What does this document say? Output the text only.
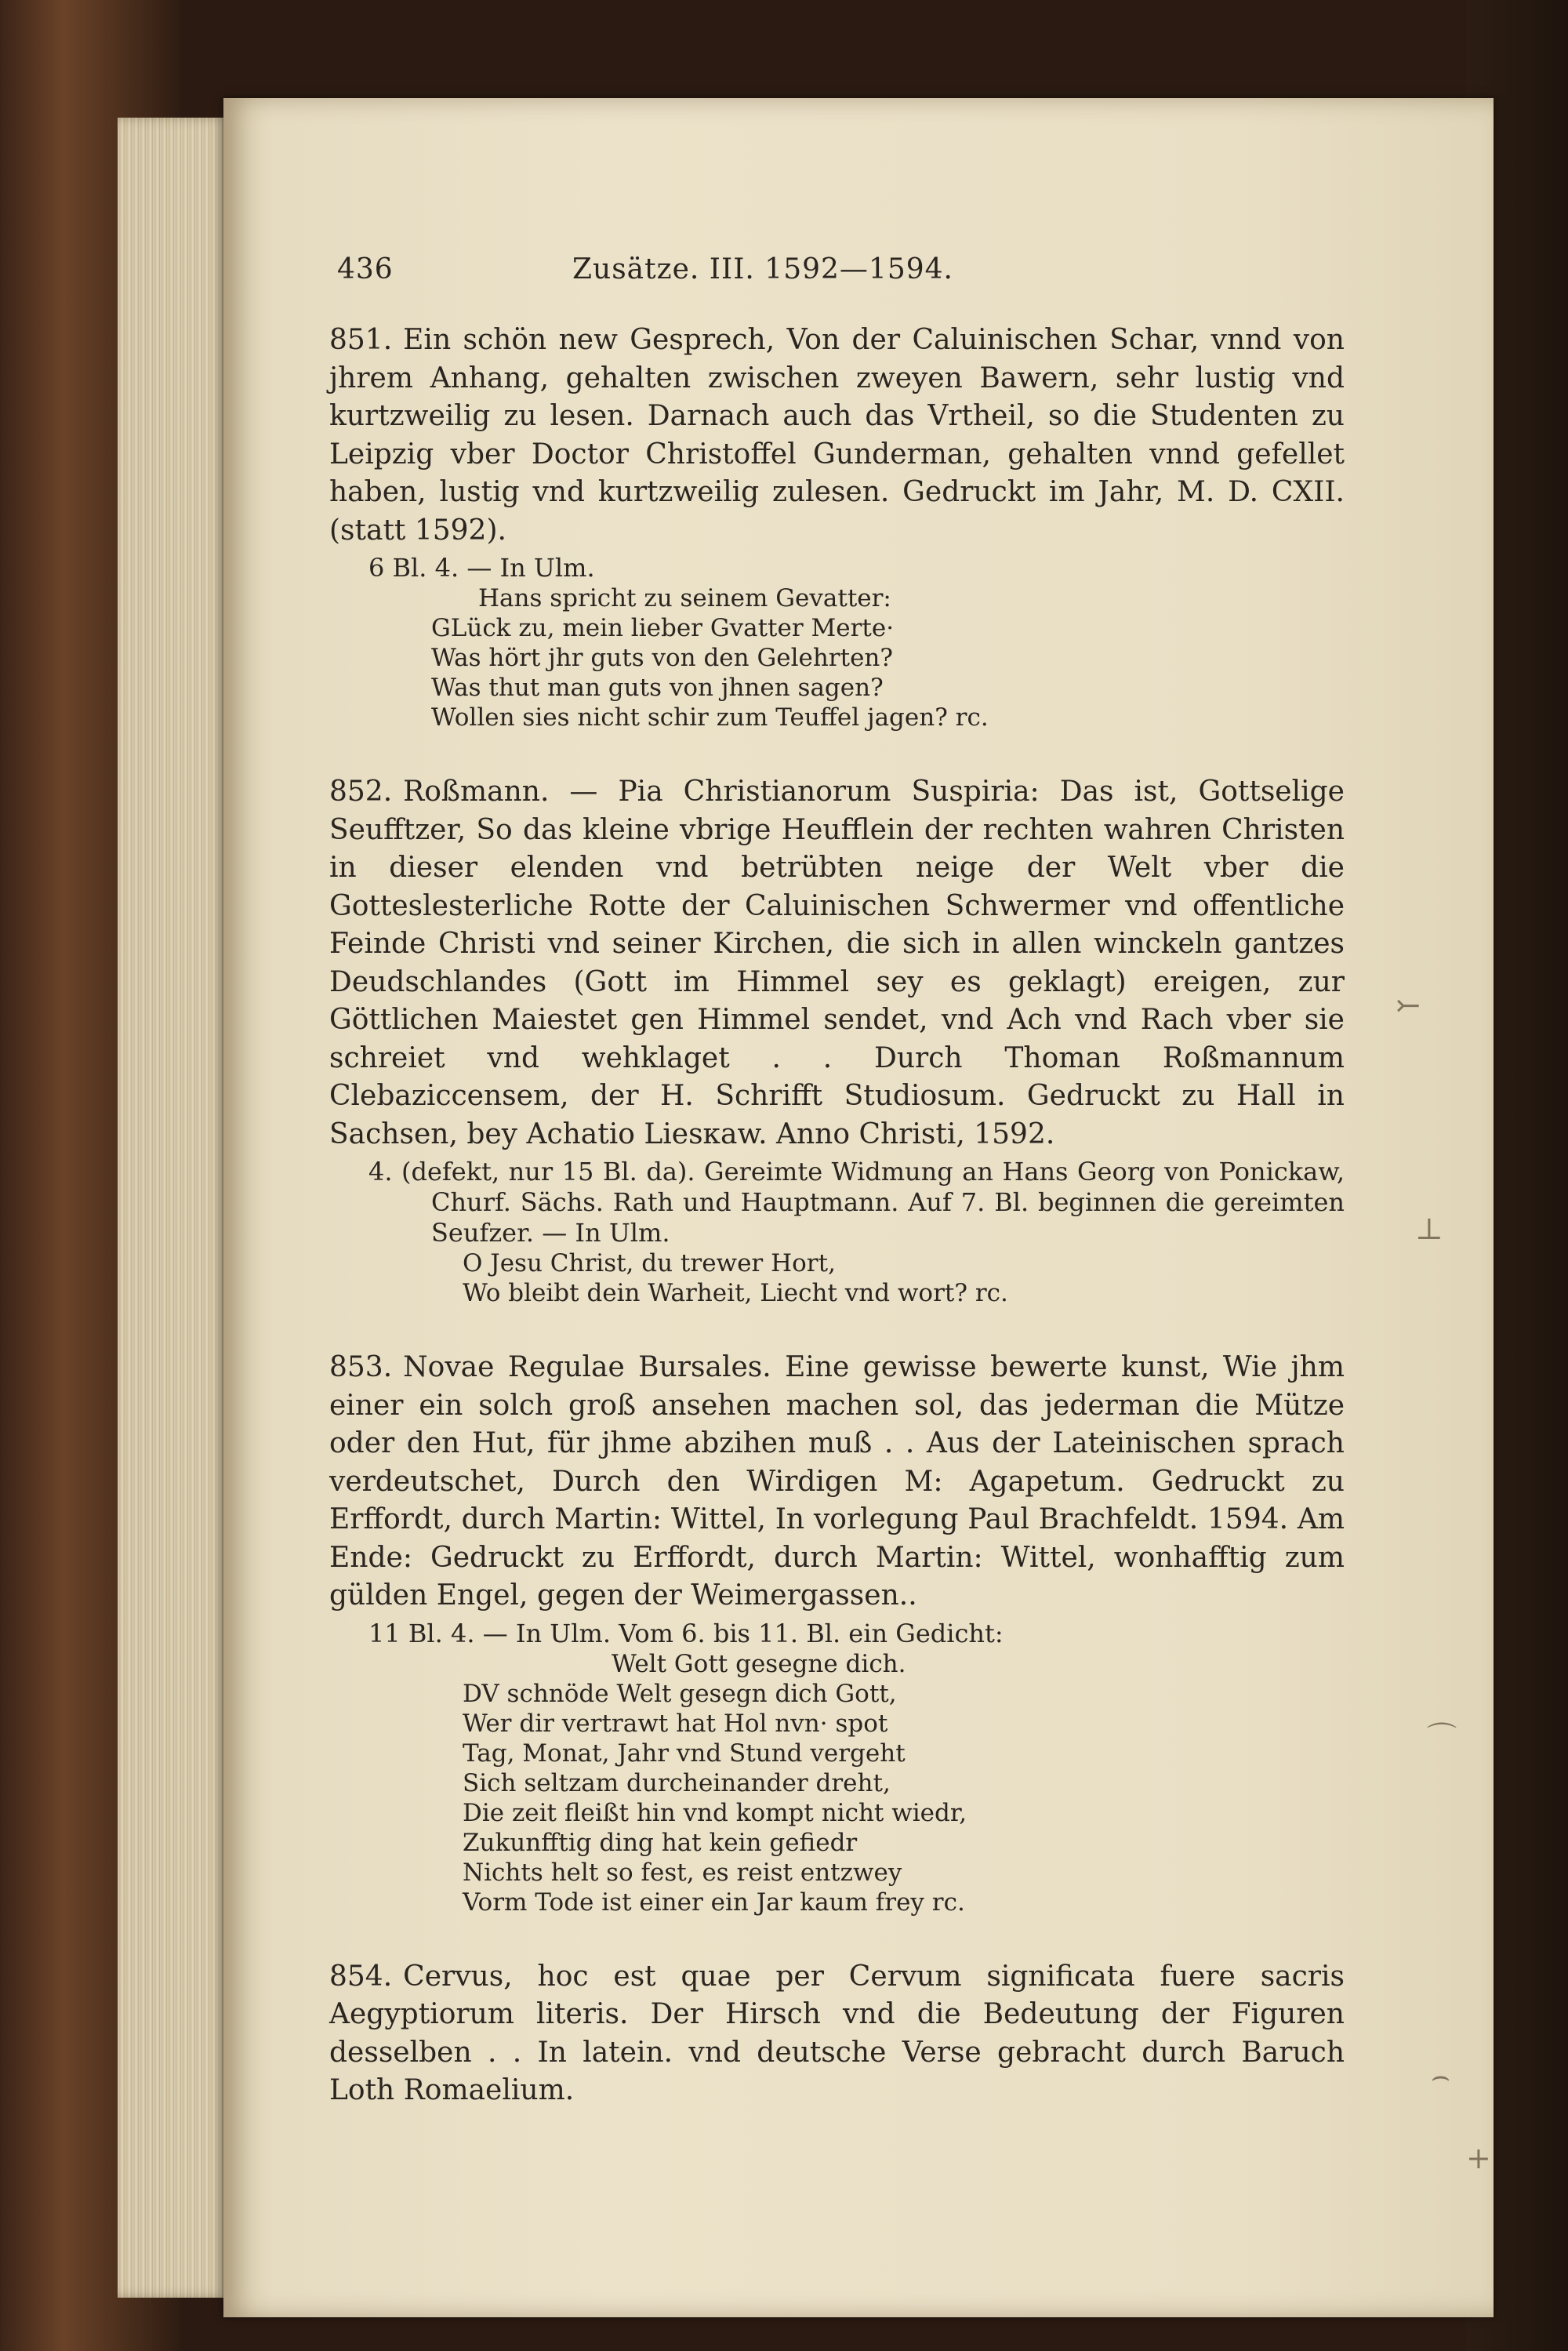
436	Zusätze. III. 1592—1594.

851. Ein schön new Gespreсh, Von der Caluinischen Schar, vnnd von jhrem Anhang, gehalten zwischen zweyen Bawern, sehr lustig vnd kurtzweilig zu lesen. Darnach auch das Vrtheil, so die Studenten zu Leipzig vber Doctor Christoffel Gunderman, gehalten vnnd gefellet haben, lustig vnd kurtzweilig zulesen. Gedruckt im Jahr, M. D. CXII. (statt 1592).

6 Bl. 4. — In Ulm.

Hans spricht zu seinem Gevatter:
GLück zu, mein lieber Gvatter Merte·
Was hört jhr guts von den Gelehrten?
Was thut man guts von jhnen sagen?
Wollen sies nicht schir zum Teuffel jagen? rc.

852. Roßmann. — Pia Christianorum Suspiria: Das ist, Gottselige Seufftzer, So das kleine vbrige Heufflein der rechten wahren Christen in dieser elenden vnd betrübten neige der Welt vber die Gotteslesterliche Rotte der Caluinischen Schwermer vnd offentliche Feinde Christi vnd seiner Kirchen, die sich in allen winckeln gantzes Deudschlandes (Gott im Himmel sey es geklagt) ereigen, zur Göttlichen Maiestet gen Himmel sendet, vnd Ach vnd Rach vber sie schreiet vnd wehklaget . . Durch Thoman Roßmannum Clebaziccensem, der H. Schrifft Studiosum. Gedruckt zu Hall in Sachsen, bey Achatio Liesкaw. Anno Christi, 1592.

4. (defekt, nur 15 Bl. da). Gereimte Widmung an Hans Georg von Ponickaw, Churf. Sächs. Rath und Hauptmann. Auf 7. Bl. beginnen die gereimten Seufzer. — In Ulm.

O Jesu Christ, du trewer Hort,
Wo bleibt dein Warheit, Liecht vnd wort? rc.

853. Novae Regulae Bursales. Eine gewisse bewerte kunst, Wie jhm einer ein solch groß ansehen machen sol, das jederman die Mütze oder den Hut, für jhme abzihen muß . . Aus der Lateinischen sprach verdeutschet, Durch den Wirdigen M: Agapetum. Gedruckt zu Erffordt, durch Martin: Wittel, In vorlegung Paul Brachfeldt. 1594. Am Ende: Gedruckt zu Erffordt, durch Martin: Wittel, wonhafftig zum gülden Engel, gegen der Weimergassen..

11 Bl. 4. — In Ulm. Vom 6. bis 11. Bl. ein Gedicht:

Welt Gott gesegne dich.
DV schnöde Welt gesegn dich Gott,
Wer dir vertrawt hat Hol nvn· spot
Tag, Monat, Jahr vnd Stund vergeht
Sich seltzam durcheinander dreht,
Die zeit fleißt hin vnd kompt nicht wiedr,
Zukunfftig ding hat kein gefiedr
Nichts helt so fest, es reist entzwey
Vorm Tode ist einer ein Jar kaum frey rc.

854. Cervus, hoc est quae per Cervum significata fuere sacris Aegyptiorum literis. Der Hirsch vnd die Bedeutung der Figuren desselben . . In latein. vnd deutsche Verse gebracht durch Baruch Loth Romaelium.

⤚
⊥
⌒
⌢
+
